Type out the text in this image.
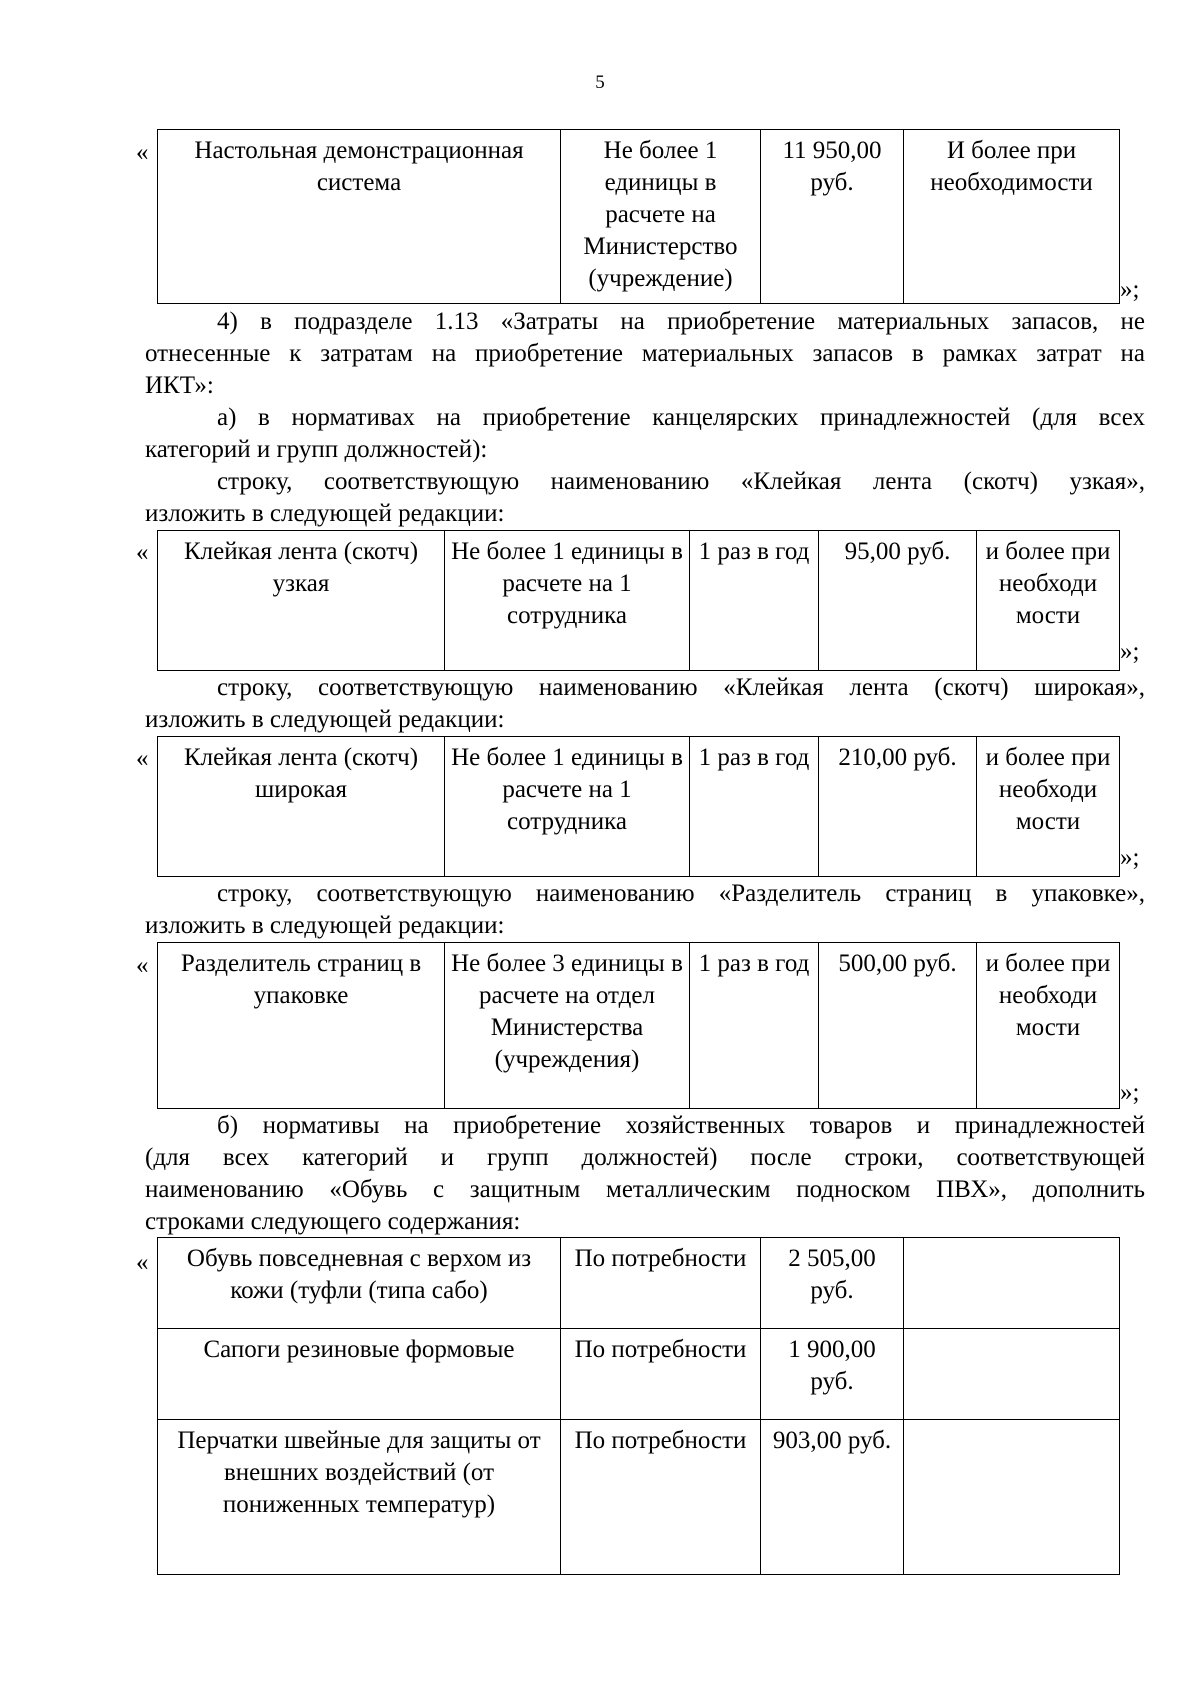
5
« Настольная демонстрационная система	Не более 1 единицы в расчете на Министерство (учреждение)	11 950,00 руб.	И более при необходимости
»;
4) в подразделе 1.13 «Затраты на приобретение материальных запасов, не
отнесенные к затратам на приобретение материальных запасов в рамках затрат на
ИКТ»:
а) в нормативах на приобретение канцелярских принадлежностей (для всех
категорий и групп должностей):
строку, соответствующую наименованию «Клейкая лента (скотч) узкая»,
изложить в следующей редакции:
« Клейкая лента (скотч) узкая	Не более 1 единицы в расчете на 1 сотрудника	1 раз в год	95,00 руб.	и более при необходи мости
»;
строку, соответствующую наименованию «Клейкая лента (скотч) широкая»,
изложить в следующей редакции:
« Клейкая лента (скотч) широкая	Не более 1 единицы в расчете на 1 сотрудника	1 раз в год	210,00 руб.	и более при необходи мости
»;
строку, соответствующую наименованию «Разделитель страниц в упаковке»,
изложить в следующей редакции:
« Разделитель страниц в упаковке	Не более 3 единицы в расчете на отдел Министерства (учреждения)	1 раз в год	500,00 руб.	и более при необходи мости
»;
б) нормативы на приобретение хозяйственных товаров и принадлежностей
(для всех категорий и групп должностей) после строки, соответствующей
наименованию «Обувь с защитным металлическим подноском ПВХ», дополнить
строками следующего содержания:
« Обувь повседневная с верхом из кожи (туфли (типа сабо)	По потребности	2 505,00 руб.	
Сапоги резиновые формовые	По потребности	1 900,00 руб.	
Перчатки швейные для защиты от внешних воздействий (от пониженных температур)	По потребности	903,00 руб.	
